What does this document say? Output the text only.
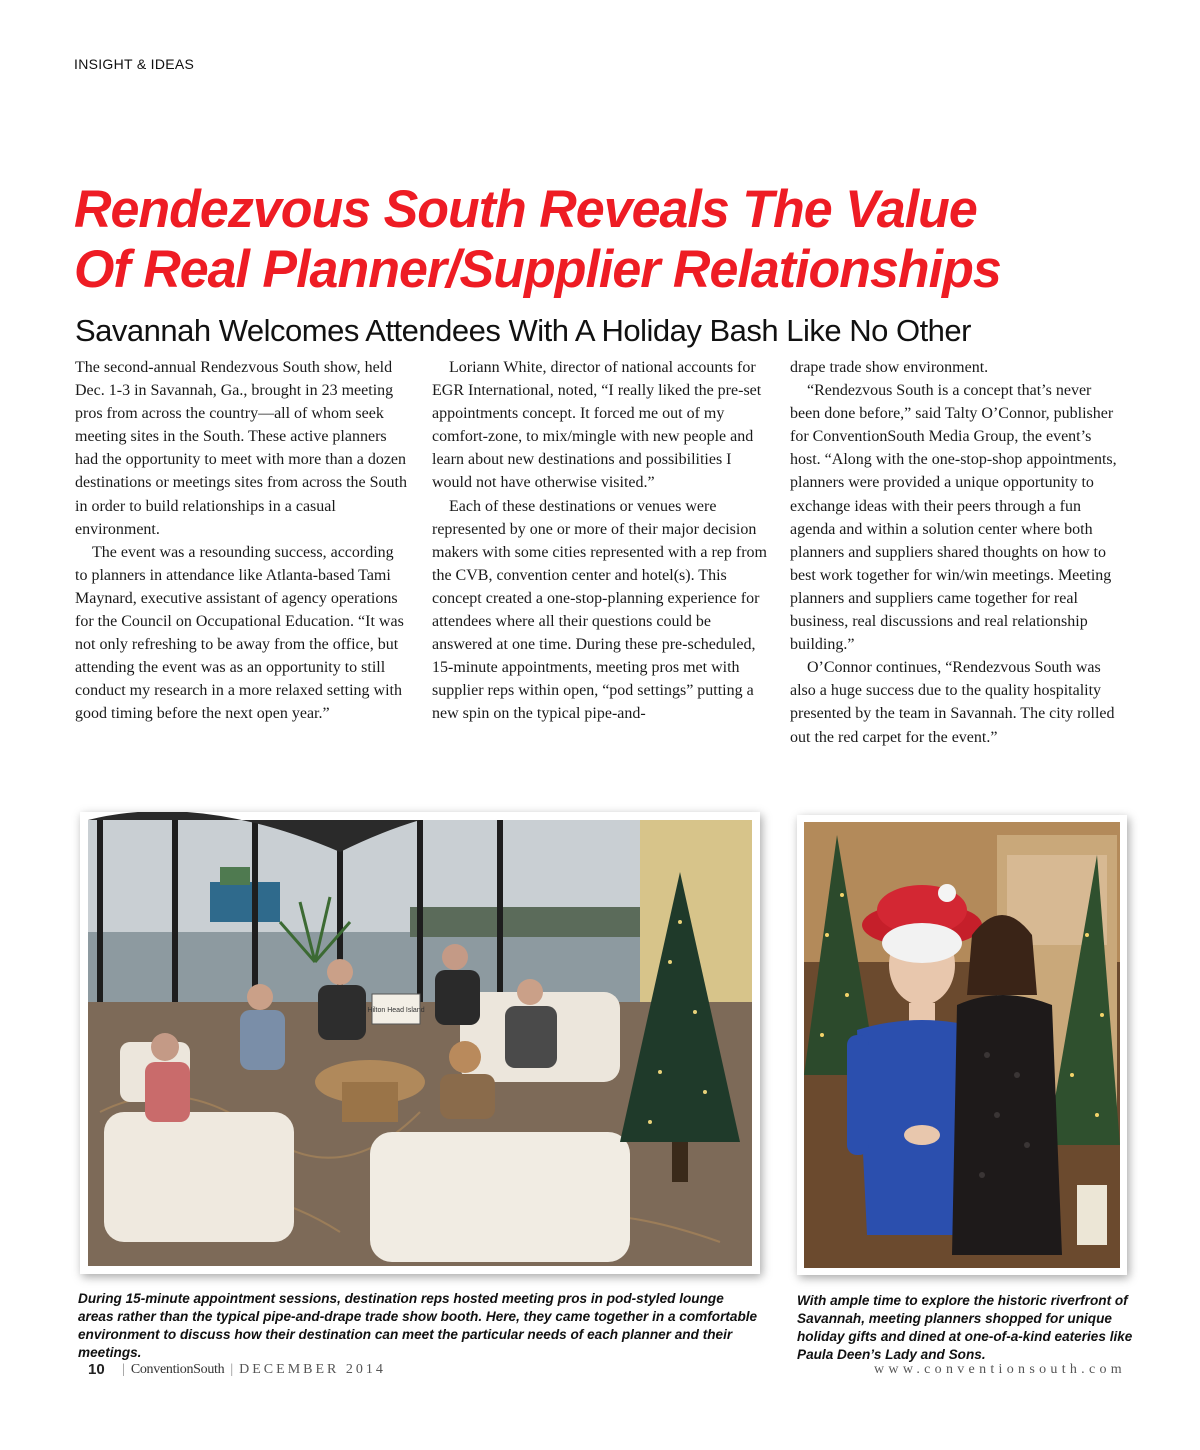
INSIGHT & IDEAS
Rendezvous South Reveals The Value
Of Real Planner/Supplier Relationships
Savannah Welcomes Attendees With A Holiday Bash Like No Other

The second-annual Rendezvous South show, held Dec. 1-3 in Savannah, Ga., brought in 23 meeting pros from across the country—all of whom seek meeting sites in the South. These active planners had the opportunity to meet with more than a dozen destinations or meetings sites from across the South in order to build relationships in a casual environment.

The event was a resounding success, according to planners in attendance like Atlanta-based Tami Maynard, executive assistant of agency operations for the Council on Occupational Education. “It was not only refreshing to be away from the office, but attending the event was as an opportunity to still conduct my research in a more relaxed setting with good timing before the next open year.”

Loriann White, director of national accounts for EGR International, noted, “I really liked the pre-set appointments concept. It forced me out of my comfort-zone, to mix/mingle with new people and learn about new destinations and possibilities I would not have otherwise visited.”

Each of these destinations or venues were represented by one or more of their major decision makers with some cities represented with a rep from the CVB, convention center and hotel(s). This concept created a one-stop-planning experience for attendees where all their questions could be answered at one time. During these pre-scheduled, 15-minute appointments, meeting pros met with supplier reps within open, “pod settings” putting a new spin on the typical pipe-and-

drape trade show environment.

“Rendezvous South is a concept that’s never been done before,” said Talty O’Connor, publisher for ConventionSouth Media Group, the event’s host. “Along with the one-stop-shop appointments, planners were provided a unique opportunity to exchange ideas with their peers through a fun agenda and within a solution center where both planners and suppliers shared thoughts on how to best work together for win/win meetings. Meeting planners and suppliers came together for real business, real discussions and real relationship building.”

O’Connor continues, “Rendezvous South was also a huge success due to the quality hospitality presented by the team in Savannah. The city rolled out the red carpet for the event.”

Hilton Head Island
During 15-minute appointment sessions, destination reps hosted meeting pros in pod-styled lounge areas rather than the typical pipe-and-drape trade show booth. Here, they came together in a comfortable environment to discuss how their destination can meet the particular needs of each planner and their meetings.
With ample time to explore the historic riverfront of Savannah, meeting planners shopped for unique holiday gifts and dined at one-of-a-kind eateries like Paula Deen’s Lady and Sons.
10	| ConventionSouth | DECEMBER 2014	www.conventionsouth.com
